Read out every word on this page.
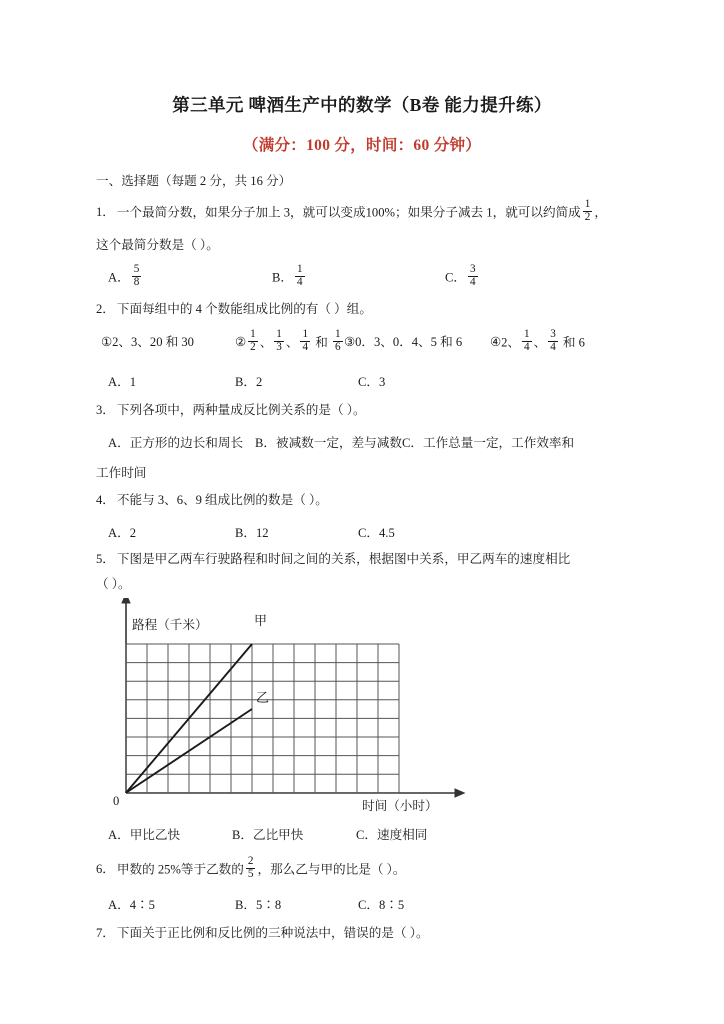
第三单元 啤酒生产中的数学（B卷 能力提升练）
（满分：100 分，时间：60 分钟）
一、选择题（每题 2 分，共 16 分）
1． 一个最简分数，如果分子加上 3，就可以变成100%；如果分子减去 1，就可以约简成 $\frac{1}{2}$ ，
这个最简分数是（ ）。
A． $\frac{5}{8}$	B． $\frac{1}{4}$	C． $\frac{3}{4}$
2． 下面每组中的 4 个数能组成比例的有（ ）组。
①2、3、20 和 30	② $\frac{1}{2}$ 、 $\frac{1}{3}$ 、 $\frac{1}{4}$ 和 $\frac{1}{6}$ ③0．3、0．4、5 和 6 ④2、 $\frac{1}{4}$ 、 $\frac{3}{4}$ 和 6
A．1	B．2	C．3
3． 下列各项中，两种量成反比例关系的是（ ）。
A．正方形的边长和周长 B．被减数一定，差与减数 C．工作总量一定，工作效率和
工作时间
4． 不能与 3、6、9 组成比例的数是（ ）。
A．2	B．12	C．4.5
5． 下图是甲乙两车行驶路程和时间之间的关系，根据图中关系，甲乙两车的速度相比
（ ）。
甲
乙
路程（千米）
时间（小时）
0
A．甲比乙快	B．乙比甲快	C．速度相同
6． 甲数的 25%等于乙数的 $\frac{2}{5}$ ，那么乙与甲的比是（ ）。
A．4∶5	B．5∶8	C．8∶5
7． 下面关于正比例和反比例的三种说法中，错误的是（ ）。
